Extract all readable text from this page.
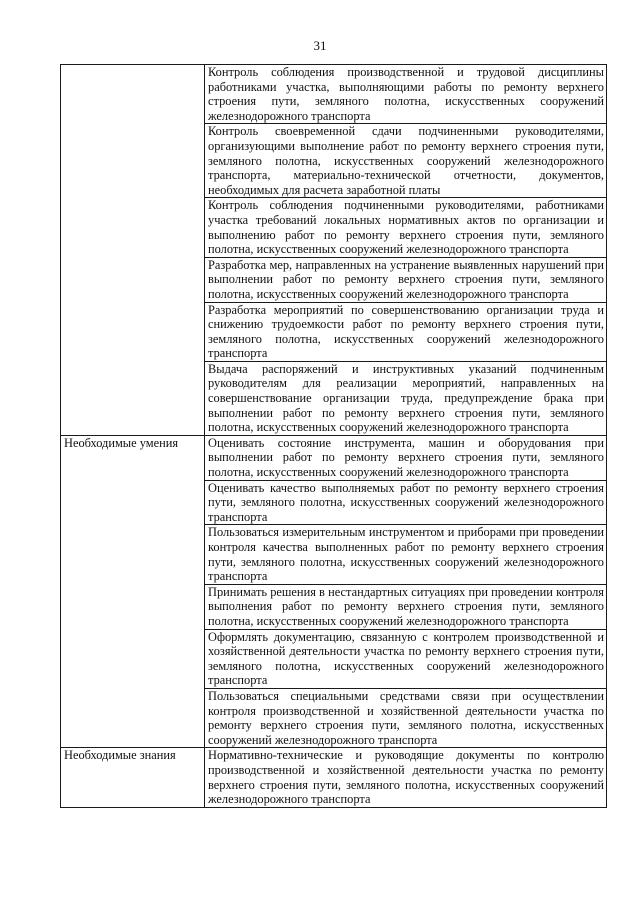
31
	Контроль соблюдения производственной и трудовой дисциплины работниками участка, выполняющими работы по ремонту верхнего строения пути, земляного полотна, искусственных сооружений железнодорожного транспорта
	Контроль своевременной сдачи подчиненными руководителями, организующими выполнение работ по ремонту верхнего строения пути, земляного полотна, искусственных сооружений железнодорожного транспорта, материально-технической отчетности, документов, необходимых для расчета заработной платы
	Контроль соблюдения подчиненными руководителями, работниками участка требований локальных нормативных актов по организации и выполнению работ по ремонту верхнего строения пути, земляного полотна, искусственных сооружений железнодорожного транспорта
	Разработка мер, направленных на устранение выявленных нарушений при выполнении работ по ремонту верхнего строения пути, земляного полотна, искусственных сооружений железнодорожного транспорта
	Разработка мероприятий по совершенствованию организации труда и снижению трудоемкости работ по ремонту верхнего строения пути, земляного полотна, искусственных сооружений железнодорожного транспорта
	Выдача распоряжений и инструктивных указаний подчиненным руководителям для реализации мероприятий, направленных на совершенствование организации труда, предупреждение брака при выполнении работ по ремонту верхнего строения пути, земляного полотна, искусственных сооружений железнодорожного транспорта
Необходимые умения	Оценивать состояние инструмента, машин и оборудования при выполнении работ по ремонту верхнего строения пути, земляного полотна, искусственных сооружений железнодорожного транспорта
	Оценивать качество выполняемых работ по ремонту верхнего строения пути, земляного полотна, искусственных сооружений железнодорожного транспорта
	Пользоваться измерительным инструментом и приборами при проведении контроля качества выполненных работ по ремонту верхнего строения пути, земляного полотна, искусственных сооружений железнодорожного транспорта
	Принимать решения в нестандартных ситуациях при проведении контроля выполнения работ по ремонту верхнего строения пути, земляного полотна, искусственных сооружений железнодорожного транспорта
	Оформлять документацию, связанную с контролем производственной и хозяйственной деятельности участка по ремонту верхнего строения пути, земляного полотна, искусственных сооружений железнодорожного транспорта
	Пользоваться специальными средствами связи при осуществлении контроля производственной и хозяйственной деятельности участка по ремонту верхнего строения пути, земляного полотна, искусственных сооружений железнодорожного транспорта
Необходимые знания	Нормативно-технические и руководящие документы по контролю производственной и хозяйственной деятельности участка по ремонту верхнего строения пути, земляного полотна, искусственных сооружений железнодорожного транспорта
